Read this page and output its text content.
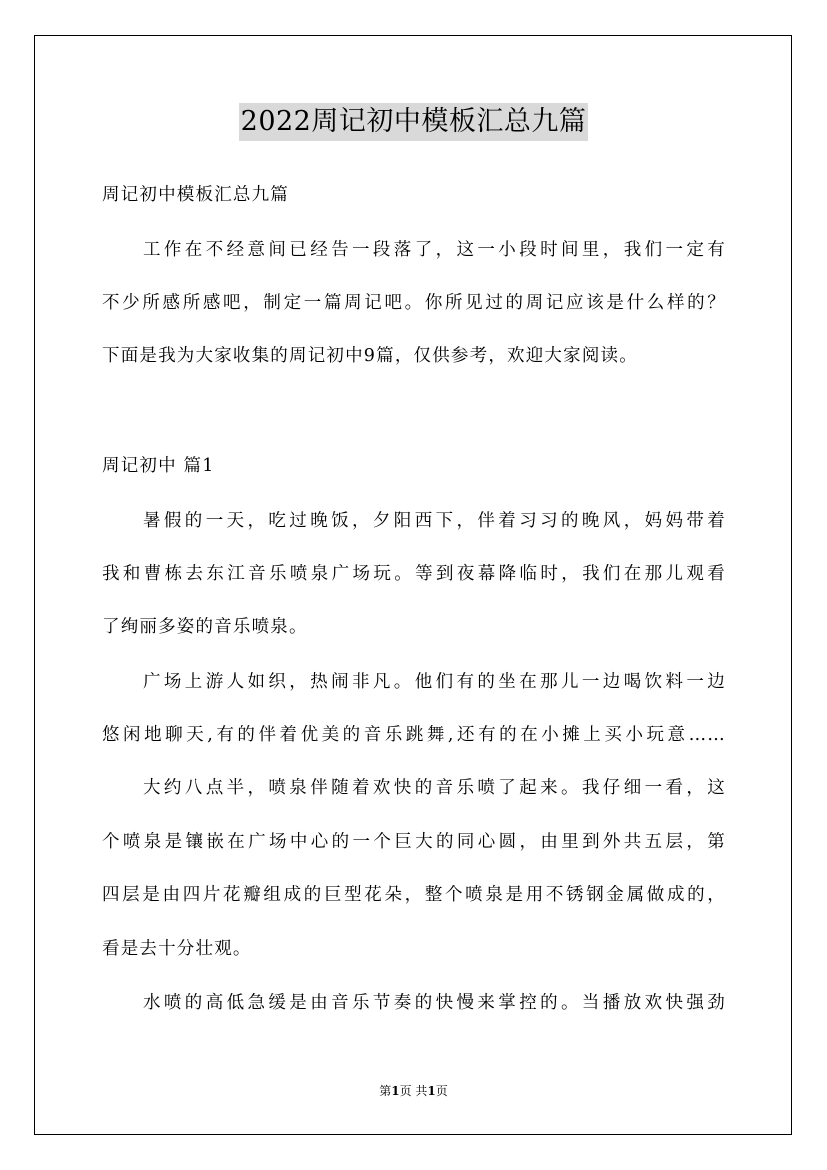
2022周记初中模板汇总九篇
周记初中模板汇总九篇
工作在不经意间已经告一段落了，这一小段时间里，我们一定有
不少所感所感吧，制定一篇周记吧。你所见过的周记应该是什么样的？
下面是我为大家收集的周记初中9篇，仅供参考，欢迎大家阅读。
周记初中 篇1
暑假的一天，吃过晚饭，夕阳西下，伴着习习的晚风，妈妈带着
我和曹栋去东江音乐喷泉广场玩。等到夜幕降临时，我们在那儿观看
了绚丽多姿的音乐喷泉。
广场上游人如织，热闹非凡。他们有的坐在那儿一边喝饮料一边
悠闲地聊天,有的伴着优美的音乐跳舞,还有的在小摊上买小玩意……
大约八点半，喷泉伴随着欢快的音乐喷了起来。我仔细一看，这
个喷泉是镶嵌在广场中心的一个巨大的同心圆，由里到外共五层，第
四层是由四片花瓣组成的巨型花朵，整个喷泉是用不锈钢金属做成的，
看是去十分壮观。
水喷的高低急缓是由音乐节奏的快慢来掌控的。当播放欢快强劲
第1页 共1页
